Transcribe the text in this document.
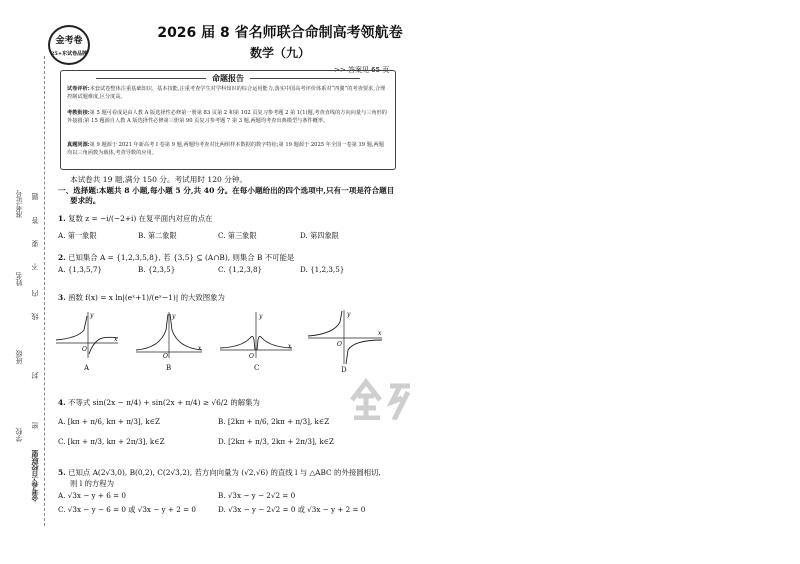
准考证号 题
答
要
不
姓名
内
线
班级
封
学校
密
金考卷·百校联盟
金考卷
25+东试卷品牌
2026 届 8 省名师联合命制高考领航卷
数学（九）
>> 答案见 65 页
命题报告
试卷评析:本套试卷整体注重基础知识、基本技能,注重考查学生对学科知识的综合运用能力,落实中国高考评价体系对“四翼”的考查要求,合理控制试题难度,区分度高。
考教衔接:第 5 题可看成是由人教 A 版选择性必修第一册第 83 页第 2 和第 102 页复习参考题 2 第 1(1)题,考查直线的方向向量与三角形的外接圆;第 15 题源自人教 A 版选择性必修第三册第 90 页复习参考题 7 第 3 题,两题均考查出典模型与条件概率。
真题同源:第 9 题源于 2021 年新高考 I 卷第 9 题,两题均考查对比两组样本数据的数字特征;第 19 题源于 2025 年全国一卷第 19 题,两题均以三角函数为载体,考查导数的应用。
本试卷共 19 题,满分 150 分。考试用时 120 分钟。
一、选择题:本题共 8 小题,每小题 5 分,共 40 分。在每小题给出的四个选项中,只有一项是符合题目
要求的。
1. 复数 z = −i/(−2+i) 在复平面内对应的点在
A. 第一象限	B. 第二象限	C. 第三象限	D. 第四象限
2. 已知集合 A = {1,2,3,5,8}, 若 {3,5} ⊆ (A∩B), 则集合 B 不可能是
A. {1,3,5,7}	B. {2,3,5}	C. {1,2,3,8}	D. {1,2,3,5}
3. 函数 f(x) = x ln|(eˣ+1)/(eˣ−1)| 的大致图象为
O
y
x
A
O
y
x
B
O
y
x
C
O
y
x
D
4. 不等式 sin(2x − π/4) + sin(2x + π/4) ≥ √6/2 的解集为
A. [kπ + π/6, kπ + π/3], k∈Z	B. [2kπ + π/6, 2kπ + π/3], k∈Z
C. [kπ + π/3, kπ + 2π/3], k∈Z	D. [2kπ + π/3, 2kπ + 2π/3], k∈Z
5. 已知点 A(2√3,0), B(0,2), C(2√3,2), 若方向向量为 (√2,√6) 的直线 l 与 △ABC 的外接圆相切,
则 l 的方程为
A. √3x − y + 6 = 0	B. √3x − y − 2√2 = 0
C. √3x − y − 6 = 0 或 √3x − y + 2 = 0	D. √3x − y − 2√2 = 0 或 √3x − y + 2 = 0
